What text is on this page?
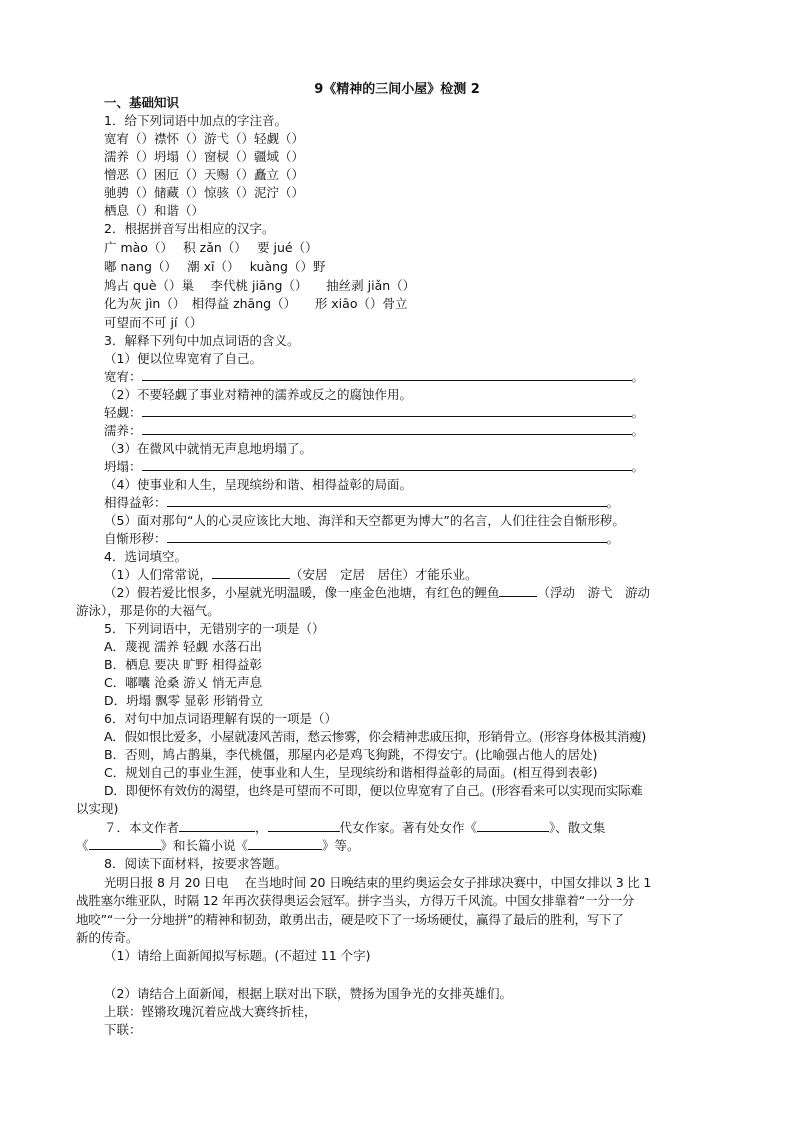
9《精神的三间小屋》检测 2
一、基础知识
1．给下列词语中加点的字注音。
宽宥（）襟怀（）游弋（）轻觑（）
濡养（）坍塌（）窗棂（）疆域（）
憎恶（）困厄（）天赐（）矗立（）
驰骋（）储藏（）惊骇（）泥泞（）
栖息（）和谐（）
2．根据拼音写出相应的汉字。
广 mào（）　 积 zǎn（）　 要 jué（）
嘟 nang（）　 潮 xī（）　 kuàng（）野
鸠占 què（）巢　 李代桃 jiāng（）　　抽丝剥 jiǎn（）
化为灰 jìn（）　相得益 zhāng（）　　形 xiāo（）骨立
可望而不可 jí（）
3．解释下列句中加点词语的含义。
（1）便以位卑宽宥了自己。
宽宥：	。
（2）不要轻觑了事业对精神的濡养或反之的腐蚀作用。
轻觑：	。
濡养：	。
（3）在微风中就悄无声息地坍塌了。
坍塌：	。
（4）使事业和人生，呈现缤纷和谐、相得益彰的局面。
相得益彰：	。
（5）面对那句“人的心灵应该比大地、海洋和天空都更为博大”的名言，人们往往会自惭形秽。
自惭形秽：	。
4．选词填空。
（1）人们常常说，	（安居　定居　居住）才能乐业。
（2）假若爱比恨多，小屋就光明温暖，像一座金色池塘，有红色的鲤鱼	（浮动　游弋　游动
游泳），那是你的大福气。
5．下列词语中，无错别字的一项是（）
A．蔑视 濡养 轻觑 水落石出
B．栖息 要决 旷野 相得益彰
C．嘟囔 沧桑 游乂 悄无声息
D．坍塌 飘零 显彰 形销骨立
6．对句中加点词语理解有误的一项是（）
A．假如恨比爱多，小屋就凄风苦雨，愁云惨雾，你会精神悲戚压抑，形销骨立。(形容身体极其消瘦)
B．否则，鸠占鹊巢，李代桃僵，那屋内必是鸡飞狗跳，不得安宁。(比喻强占他人的居处)
C．规划自己的事业生涯，使事业和人生，呈现缤纷和谐相得益彰的局面。(相互得到表彰)
D．即便怀有效仿的渴望，也终是可望而不可即，便以位卑宽宥了自己。(形容看来可以实现而实际难
以实现)
７．本文作者	，	代女作家。著有处女作《	》、散文集
《	》和长篇小说《	》等。
8．阅读下面材料，按要求答题。
光明日报 8 月 20 日电　 在当地时间 20 日晚结束的里约奥运会女子排球决赛中，中国女排以 3 比 1
战胜塞尔维亚队，时隔 12 年再次获得奥运会冠军。拼字当头，方得万千风流。中国女排靠着“一分一分
地咬”“一分一分地拼”的精神和韧劲，敢勇出击，硬是咬下了一场场硬仗，赢得了最后的胜利，写下了
新的传奇。
（1）请给上面新闻拟写标题。(不超过 11 个字)
（2）请结合上面新闻，根据上联对出下联，赞扬为国争光的女排英雄们。
上联：铿锵玫瑰沉着应战大赛终折桂，
下联：
